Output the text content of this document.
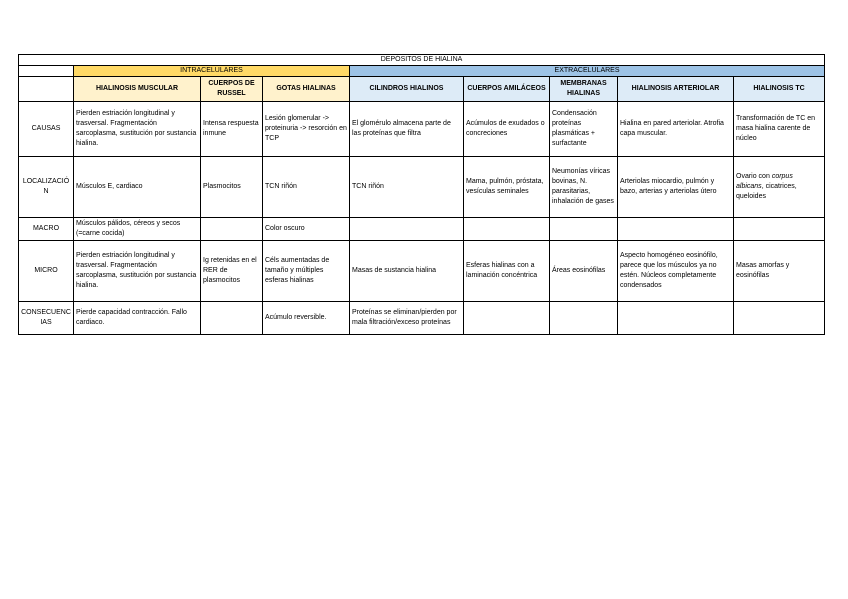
DEPÓSITOS DE HIALINA								
	INTRACELULARES			EXTRACELULARES				
	HIALINOSIS MUSCULAR	CUERPOS DE RUSSEL	GOTAS HIALINAS	CILINDROS HIALINOS	CUERPOS AMILÁCEOS	MEMBRANAS HIALINAS	HIALINOSIS ARTERIOLAR	HIALINOSIS TC
CAUSAS	Pierden estriación longitudinal y trasversal. Fragmentación sarcoplasma, sustitución por sustancia hialina.	Intensa respuesta inmune	Lesión glomerular -> proteinuria -> resorción en TCP	El glomérulo almacena parte de las proteínas que filtra	Acúmulos de exudados o concreciones	Condensación proteínas plasmáticas + surfactante	Hialina en pared arteriolar. Atrofia capa muscular.	Transformación de TC en masa hialina carente de núcleo
LOCALIZACIÓN	Músculos E, cardiaco	Plasmocitos	TCN riñón	TCN riñón	Mama, pulmón, próstata, vesículas seminales	Neumonías víricas bovinas, N. parasitarias, inhalación de gases	Arteriolas miocardio, pulmón y bazo, arterias y arteriolas útero	Ovario con corpus albicans, cicatrices, queloides
MACRO	Músculos pálidos, céreos y secos (=carne cocida)		Color oscuro					
MICRO	Pierden estriación longitudinal y trasversal. Fragmentación sarcoplasma, sustitución por sustancia hialina.	Ig retenidas en el RER de plasmocitos	Céls aumentadas de tamaño y múltiples esferas hialinas	Masas de sustancia hialina	Esferas hialinas con a laminación concéntrica	Áreas eosinófilas	Aspecto homogéneo eosinófilo, parece que los músculos ya no estén. Núcleos completamente condensados	Masas amorfas y eosinófilas
CONSECUENCIAS	Pierde capacidad contracción. Fallo cardiaco.		Acúmulo reversible.	Proteínas se eliminan/pierden por mala filtración/exceso proteínas				
